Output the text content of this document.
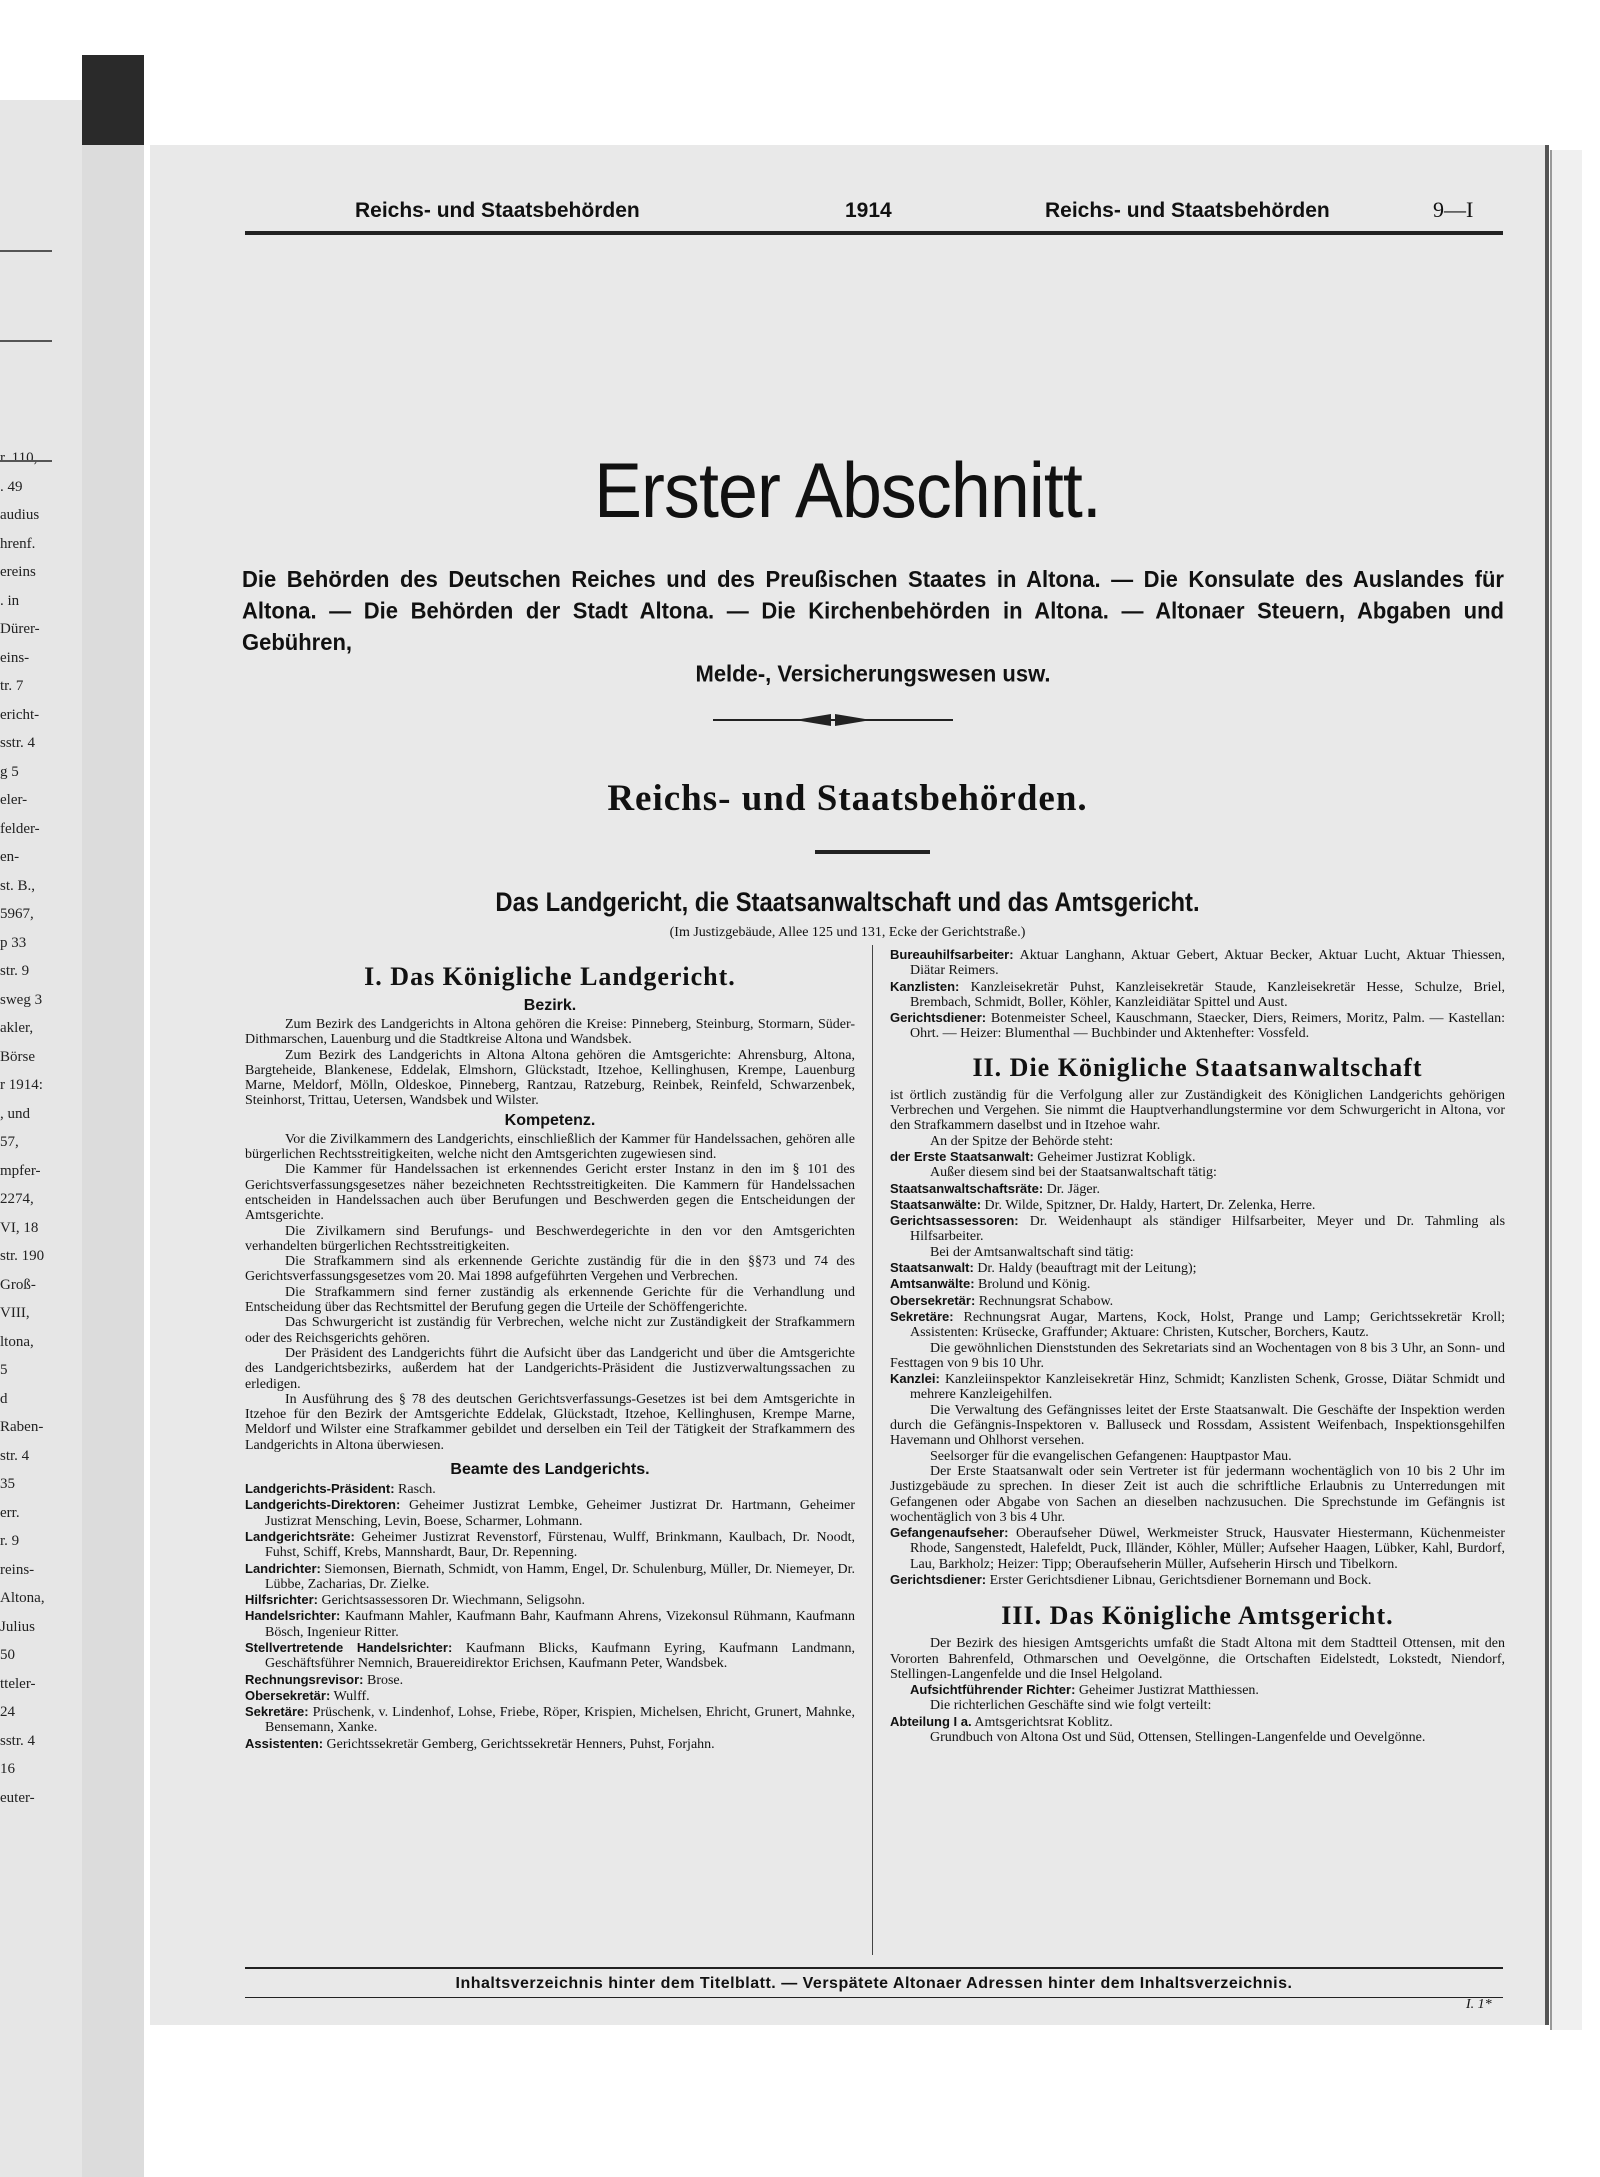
r. 110,
. 49
audius
hrenf.
ereins
. in
Dürer-
eins-
tr. 7
ericht-
sstr. 4
g 5
eler-
felder-
en-
st. B.,
5967,
p 33
str. 9
sweg 3
akler,
Börse
r 1914:
, und
57,
mpfer-
2274,
VI, 18
str. 190
Groß-
VIII,
ltona,
5
d
Raben-
str. 4
35
err.
r. 9
reins-
Altona,
Julius
50
tteler-
24
sstr. 4
16
euter-
Reichs- und Staatsbehörden	1914	Reichs- und Staatsbehörden	9—I
Erster Abschnitt.
Die Behörden des Deutschen Reiches und des Preußischen Staates in Altona. — Die Konsulate des Auslandes für Altona. — Die Behörden der Stadt Altona. — Die Kirchenbehörden in Altona. — Altonaer Steuern, Abgaben und Gebühren,
Melde-, Versicherungswesen usw.
Reichs- und Staatsbehörden.
Das Landgericht, die Staatsanwaltschaft und das Amtsgericht.
(Im Justizgebäude, Allee 125 und 131, Ecke der Gerichtstraße.)
I. Das Königliche Landgericht.
Bezirk.

Zum Bezirk des Landgerichts in Altona gehören die Kreise: Pinneberg, Steinburg, Stormarn, Süder-Dithmarschen, Lauenburg und die Stadtkreise Altona und Wandsbek.

Zum Bezirk des Landgerichts in Altona Altona gehören die Amtsgerichte: Ahrensburg, Altona, Bargteheide, Blankenese, Eddelak, Elmshorn, Glückstadt, Itzehoe, Kellinghusen, Krempe, Lauenburg Marne, Meldorf, Mölln, Oldeskoe, Pinneberg, Rantzau, Ratzeburg, Reinbek, Reinfeld, Schwarzenbek, Steinhorst, Trittau, Uetersen, Wandsbek und Wilster.

Kompetenz.

Vor die Zivilkammern des Landgerichts, einschließlich der Kammer für Handelssachen, gehören alle bürgerlichen Rechtsstreitigkeiten, welche nicht den Amtsgerichten zugewiesen sind.

Die Kammer für Handelssachen ist erkennendes Gericht erster Instanz in den im § 101 des Gerichtsverfassungsgesetzes näher bezeichneten Rechtsstreitigkeiten. Die Kammern für Handelssachen entscheiden in Handelssachen auch über Berufungen und Beschwerden gegen die Entscheidungen der Amtsgerichte.

Die Zivilkamern sind Berufungs- und Beschwerdegerichte in den vor den Amtsgerichten verhandelten bürgerlichen Rechtsstreitigkeiten.

Die Strafkammern sind als erkennende Gerichte zuständig für die in den §§73 und 74 des Gerichtsverfassungsgesetzes vom 20. Mai 1898 aufgeführten Vergehen und Verbrechen.

Die Strafkammern sind ferner zuständig als erkennende Gerichte für die Verhandlung und Entscheidung über das Rechtsmittel der Berufung gegen die Urteile der Schöffengerichte.

Das Schwurgericht ist zuständig für Verbrechen, welche nicht zur Zuständigkeit der Strafkammern oder des Reichsgerichts gehören.

Der Präsident des Landgerichts führt die Aufsicht über das Landgericht und über die Amtsgerichte des Landgerichtsbezirks, außerdem hat der Landgerichts-Präsident die Justizverwaltungssachen zu erledigen.

In Ausführung des § 78 des deutschen Gerichtsverfassungs-Gesetzes ist bei dem Amtsgerichte in Itzehoe für den Bezirk der Amtsgerichte Eddelak, Glückstadt, Itzehoe, Kellinghusen, Krempe Marne, Meldorf und Wilster eine Strafkammer gebildet und derselben ein Teil der Tätigkeit der Strafkammern des Landgerichts in Altona überwiesen.

Beamte des Landgerichts.

Landgerichts-Präsident: Rasch.

Landgerichts-Direktoren: Geheimer Justizrat Lembke, Geheimer Justizrat Dr. Hartmann, Geheimer Justizrat Mensching, Levin, Boese, Scharmer, Lohmann.

Landgerichtsräte: Geheimer Justizrat Revenstorf, Fürstenau, Wulff, Brinkmann, Kaulbach, Dr. Noodt, Fuhst, Schiff, Krebs, Mannshardt, Baur, Dr. Repenning.

Landrichter: Siemonsen, Biernath, Schmidt, von Hamm, Engel, Dr. Schulenburg, Müller, Dr. Niemeyer, Dr. Lübbe, Zacharias, Dr. Zielke.

Hilfsrichter: Gerichtsassessoren Dr. Wiechmann, Seligsohn.

Handelsrichter: Kaufmann Mahler, Kaufmann Bahr, Kaufmann Ahrens, Vizekonsul Rühmann, Kaufmann Bösch, Ingenieur Ritter.

Stellvertretende Handelsrichter: Kaufmann Blicks, Kaufmann Eyring, Kaufmann Landmann, Geschäftsführer Nemnich, Brauereidirektor Erichsen, Kaufmann Peter, Wandsbek.

Rechnungsrevisor: Brose.

Obersekretär: Wulff.

Sekretäre: Prüschenk, v. Lindenhof, Lohse, Friebe, Röper, Krispien, Michelsen, Ehricht, Grunert, Mahnke, Bensemann, Xanke.

Assistenten: Gerichtssekretär Gemberg, Gerichtssekretär Henners, Puhst, Forjahn.

Bureauhilfsarbeiter: Aktuar Langhann, Aktuar Gebert, Aktuar Becker, Aktuar Lucht, Aktuar Thiessen, Diätar Reimers.

Kanzlisten: Kanzleisekretär Puhst, Kanzleisekretär Staude, Kanzleisekretär Hesse, Schulze, Briel, Brembach, Schmidt, Boller, Köhler, Kanzleidiätar Spittel und Aust.

Gerichtsdiener: Botenmeister Scheel, Kauschmann, Staecker, Diers, Reimers, Moritz, Palm. — Kastellan: Ohrt. — Heizer: Blumenthal — Buchbinder und Aktenhefter: Vossfeld.

II. Die Königliche Staatsanwaltschaft

ist örtlich zuständig für die Verfolgung aller zur Zuständigkeit des Königlichen Landgerichts gehörigen Verbrechen und Vergehen. Sie nimmt die Hauptverhandlungstermine vor dem Schwurgericht in Altona, vor den Strafkammern daselbst und in Itzehoe wahr.

An der Spitze der Behörde steht:

der Erste Staatsanwalt: Geheimer Justizrat Kobligk.

Außer diesem sind bei der Staatsanwaltschaft tätig:

Staatsanwaltschaftsräte: Dr. Jäger.

Staatsanwälte: Dr. Wilde, Spitzner, Dr. Haldy, Hartert, Dr. Zelenka, Herre.

Gerichtsassessoren: Dr. Weidenhaupt als ständiger Hilfsarbeiter, Meyer und Dr. Tahmling als Hilfsarbeiter.

Bei der Amtsanwaltschaft sind tätig:

Staatsanwalt: Dr. Haldy (beauftragt mit der Leitung);

Amtsanwälte: Brolund und König.

Obersekretär: Rechnungsrat Schabow.

Sekretäre: Rechnungsrat Augar, Martens, Kock, Holst, Prange und Lamp; Gerichtssekretär Kroll; Assistenten: Krüsecke, Graffunder; Aktuare: Christen, Kutscher, Borchers, Kautz.

Die gewöhnlichen Dienststunden des Sekretariats sind an Wochentagen von 8 bis 3 Uhr, an Sonn- und Festtagen von 9 bis 10 Uhr.

Kanzlei: Kanzleiinspektor Kanzleisekretär Hinz, Schmidt; Kanzlisten Schenk, Grosse, Diätar Schmidt und mehrere Kanzleigehilfen.

Die Verwaltung des Gefängnisses leitet der Erste Staatsanwalt. Die Geschäfte der Inspektion werden durch die Gefängnis-Inspektoren v. Balluseck und Rossdam, Assistent Weifenbach, Inspektionsgehilfen Havemann und Ohlhorst versehen.

Seelsorger für die evangelischen Gefangenen: Hauptpastor Mau.

Der Erste Staatsanwalt oder sein Vertreter ist für jedermann wochentäglich von 10 bis 2 Uhr im Justizgebäude zu sprechen. In dieser Zeit ist auch die schriftliche Erlaubnis zu Unterredungen mit Gefangenen oder Abgabe von Sachen an dieselben nachzusuchen. Die Sprechstunde im Gefängnis ist wochentäglich von 3 bis 4 Uhr.

Gefangenaufseher: Oberaufseher Düwel, Werkmeister Struck, Hausvater Hiestermann, Küchenmeister Rhode, Sangenstedt, Halefeldt, Puck, Illänder, Köhler, Müller; Aufseher Haagen, Lübker, Kahl, Burdorf, Lau, Barkholz; Heizer: Tipp; Oberaufseherin Müller, Aufseherin Hirsch und Tibelkorn.

Gerichtsdiener: Erster Gerichtsdiener Libnau, Gerichtsdiener Bornemann und Bock.

III. Das Königliche Amtsgericht.

Der Bezirk des hiesigen Amtsgerichts umfaßt die Stadt Altona mit dem Stadtteil Ottensen, mit den Vororten Bahrenfeld, Othmarschen und Oevelgönne, die Ortschaften Eidelstedt, Lokstedt, Niendorf, Stellingen-Langenfelde und die Insel Helgoland.

Aufsichtführender Richter: Geheimer Justizrat Matthiessen.

Die richterlichen Geschäfte sind wie folgt verteilt:

Abteilung I a. Amtsgerichtsrat Koblitz.

Grundbuch von Altona Ost und Süd, Ottensen, Stellingen-Langenfelde und Oevelgönne.

Inhaltsverzeichnis hinter dem Titelblatt. — Verspätete Altonaer Adressen hinter dem Inhaltsverzeichnis.
I. 1*
